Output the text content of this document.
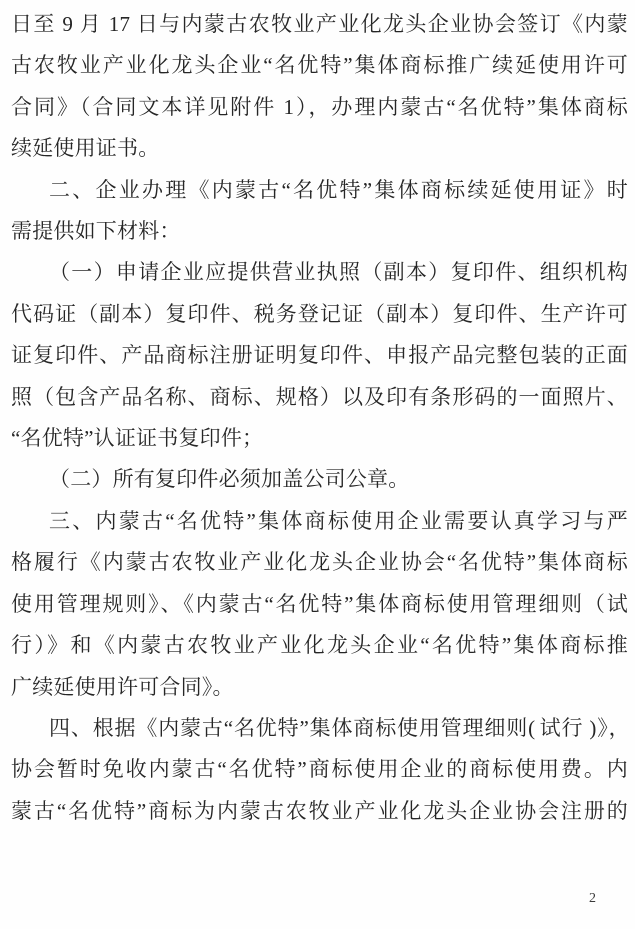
日至 9 月 17 日与内蒙古农牧业产业化龙头企业协会签订《内蒙
古农牧业产业化龙头企业“名优特”集体商标推广续延使用许可
合同》（合同文本详见附件 1），办理内蒙古“名优特”集体商标
续延使用证书。
二、企业办理《内蒙古“名优特”集体商标续延使用证》时
需提供如下材料：
（一）申请企业应提供营业执照（副本）复印件、组织机构
代码证（副本）复印件、税务登记证（副本）复印件、生产许可
证复印件、产品商标注册证明复印件、申报产品完整包装的正面
照（包含产品名称、商标、规格）以及印有条形码的一面照片、
“名优特”认证证书复印件；
（二）所有复印件必须加盖公司公章。
三、内蒙古“名优特”集体商标使用企业需要认真学习与严
格履行《内蒙古农牧业产业化龙头企业协会“名优特”集体商标
使用管理规则》、《内蒙古“名优特”集体商标使用管理细则（试
行）》和《内蒙古农牧业产业化龙头企业“名优特”集体商标推
广续延使用许可合同》。
四、根据《内蒙古“名优特”集体商标使用管理细则( 试行 )》，
协会暂时免收内蒙古“名优特”商标使用企业的商标使用费。内
蒙古“名优特”商标为内蒙古农牧业产业化龙头企业协会注册的
2
